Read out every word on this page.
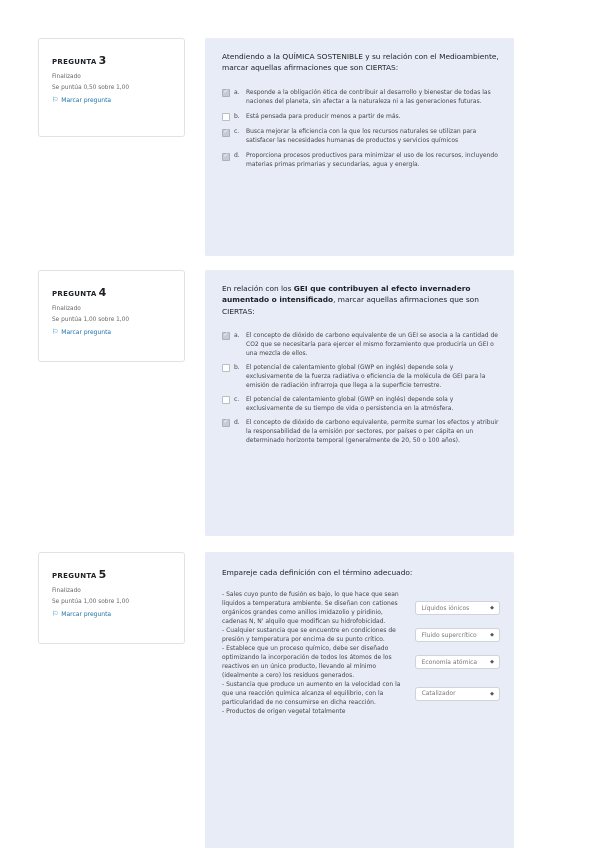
PREGUNTA 3
Finalizado
Se puntúa 0,50 sobre 1,00
⚐ Marcar pregunta
Atendiendo a la QUÍMICA SOSTENIBLE y su relación con el Medioambiente, marcar aquellas afirmaciones que son CIERTAS:
✓
a.	Responde a la obligación ética de contribuir al desarrollo y bienestar de todas las naciones del planeta, sin afectar a la naturaleza ni a las generaciones futuras.
b.	Está pensada para producir menos a partir de más.
✓
c.	Busca mejorar la eficiencia con la que los recursos naturales se utilizan para satisfacer las necesidades humanas de productos y servicios químicos
✓
d.	Proporciona procesos productivos para minimizar el uso de los recursos, incluyendo materias primas primarias y secundarias, agua y energía.
PREGUNTA 4
Finalizado
Se puntúa 1,00 sobre 1,00
⚐ Marcar pregunta
En relación con los GEI que contribuyen al efecto invernadero aumentado o intensificado, marcar aquellas afirmaciones que son CIERTAS:
✓
a.	El concepto de dióxido de carbono equivalente de un GEI se asocia a la cantidad de CO2 que se necesitaría para ejercer el mismo forzamiento que produciría un GEI o una mezcla de ellos.
b.	El potencial de calentamiento global (GWP en inglés) depende sola y exclusivamente de la fuerza radiativa o eficiencia de la molécula de GEI para la emisión de radiación infrarroja que llega a la superficie terrestre.
c.	El potencial de calentamiento global (GWP en inglés) depende sola y exclusivamente de su tiempo de vida o persistencia en la atmósfera.
✓
d.	El concepto de dióxido de carbono equivalente, permite sumar los efectos y atribuir la responsabilidad de la emisión por sectores, por países o per cápita en un determinado horizonte temporal (generalmente de 20, 50 o 100 años).
PREGUNTA 5
Finalizado
Se puntúa 1,00 sobre 1,00
⚐ Marcar pregunta
Empareje cada definición con el término adecuado:
- Sales cuyo punto de fusión es bajo, lo que hace que sean líquidos a temperatura ambiente. Se diseñan con cationes orgánicos grandes como anillos imidazolio y piridinio, cadenas N, N' alquilo que modifican su hidrofobicidad.
Líquidos iónicos	◆
- Cualquier sustancia que se encuentre en condiciones de presión y temperatura por encima de su punto crítico.
Fluido supercrítico	◆
- Establece que un proceso químico, debe ser diseñado optimizando la incorporación de todos los átomos de los reactivos en un único producto, llevando al mínimo (idealmente a cero) los residuos generados.
Economía atómica	◆
- Sustancia que produce un aumento en la velocidad con la que una reacción química alcanza el equilibrio, con la particularidad de no consumirse en dicha reacción.
Catalizador	◆
- Productos de origen vegetal totalmente
